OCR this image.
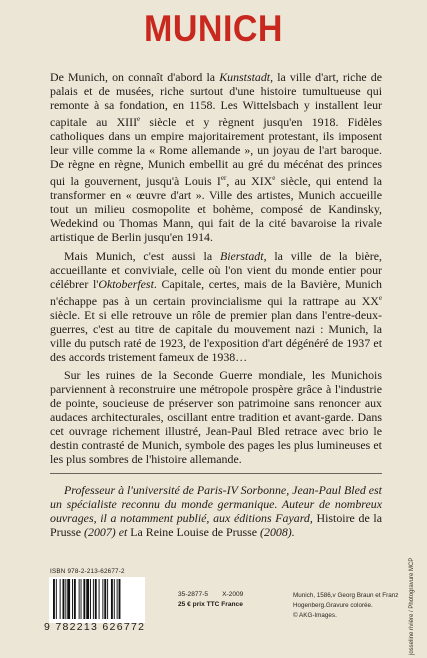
MUNICH

De Munich, on connaît d'abord la Kunststadt, la ville d'art, riche de palais et de musées, riche surtout d'une histoire tumultueuse qui remonte à sa fondation, en 1158. Les Wittelsbach y installent leur capitale au XIIIe siècle et y règnent jusqu'en 1918. Fidèles catholiques dans un empire majoritairement protestant, ils imposent leur ville comme la « Rome allemande », un joyau de l'art baroque. De règne en règne, Munich embellit au gré du mécénat des princes qui la gouvernent, jusqu'à Louis Ier, au XIXe siècle, qui entend la transformer en « œuvre d'art ». Ville des artistes, Munich accueille tout un milieu cosmopolite et bohème, composé de Kandinsky, Wedekind ou Thomas Mann, qui fait de la cité bavaroise la rivale artistique de Berlin jusqu'en 1914.

Mais Munich, c'est aussi la Bierstadt, la ville de la bière, accueillante et conviviale, celle où l'on vient du monde entier pour célébrer l'Oktoberfest. Capitale, certes, mais de la Bavière, Munich n'échappe pas à un certain provincialisme qui la rattrape au XXe siècle. Et si elle retrouve un rôle de premier plan dans l'entre-deux-guerres, c'est au titre de capitale du mouvement nazi : Munich, la ville du putsch raté de 1923, de l'exposition d'art dégénéré de 1937 et des accords tristement fameux de 1938…

Sur les ruines de la Seconde Guerre mondiale, les Munichois parviennent à reconstruire une métropole prospère grâce à l'industrie de pointe, soucieuse de préserver son patrimoine sans renoncer aux audaces architecturales, oscillant entre tradition et avant-garde. Dans cet ouvrage richement illustré, Jean-Paul Bled retrace avec brio le destin contrasté de Munich, symbole des pages les plus lumineuses et les plus sombres de l'histoire allemande.

Professeur à l'université de Paris-IV Sorbonne, Jean-Paul Bled est un spécialiste reconnu du monde germanique. Auteur de nombreux ouvrages, il a notamment publié, aux éditions Fayard, Histoire de la Prusse (2007) et La Reine Louise de Prusse (2008).
ISBN 978-2-213-62677-2
9 782213 626772
35-2877-5 X-2009
25 € prix TTC France
Munich, 1586,v Georg Braun et Franz
Hogenberg.Gravure colorée.
© AKG-Images.	josseline rivière / Photogravure MCP
